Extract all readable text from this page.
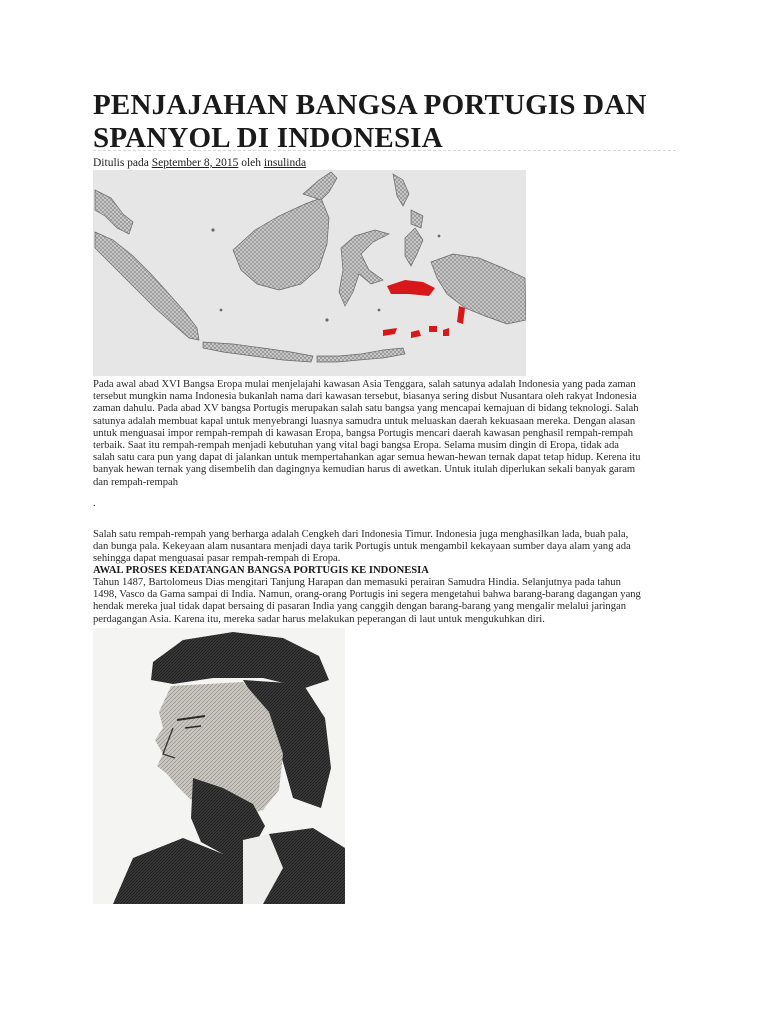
PENJAJAHAN BANGSA PORTUGIS DAN SPANYOL DI INDONESIA
Ditulis pada September 8, 2015 oleh insulinda

Pada awal abad XVI Bangsa Eropa mulai menjelajahi kawasan Asia Tenggara, salah satunya adalah Indonesia yang pada zaman tersebut mungkin nama Indonesia bukanlah nama dari kawasan tersebut, biasanya sering disbut Nusantara oleh rakyat Indonesia zaman dahulu. Pada abad XV bangsa Portugis merupakan salah satu bangsa yang mencapai kemajuan di bidang teknologi. Salah satunya adalah membuat kapal untuk menyebrangi luasnya samudra untuk meluaskan daerah kekuasaan mereka. Dengan alasan untuk menguasai impor rempah-rempah di kawasan Eropa, bangsa Portugis mencari daerah kawasan penghasil rempah-rempah terbaik. Saat itu rempah-rempah menjadi kebutuhan yang vital bagi bangsa Eropa. Selama musim dingin di Eropa, tidak ada salah satu cara pun yang dapat di jalankan untuk mempertahankan agar semua hewan-hewan ternak dapat tetap hidup. Kerena itu banyak hewan ternak yang disembelih dan dagingnya kemudian harus di awetkan. Untuk itulah diperlukan sekali banyak garam dan rempah-rempah

.

Salah satu rempah-rempah yang berharga adalah Cengkeh dari Indonesia Timur. Indonesia juga menghasilkan lada, buah pala, dan bunga pala. Kekeyaan alam nusantara menjadi daya tarik Portugis untuk mengambil kekayaan sumber daya alam yang ada sehingga dapat menguasai pasar rempah-rempah di Eropa.

AWAL PROSES KEDATANGAN BANGSA PORTUGIS KE INDONESIA

Tahun 1487, Bartolomeus Dias mengitari Tanjung Harapan dan memasuki perairan Samudra Hindia. Selanjutnya pada tahun 1498, Vasco da Gama sampai di India. Namun, orang-orang Portugis ini segera mengetahui bahwa barang-barang dagangan yang hendak mereka jual tidak dapat bersaing di pasaran India yang canggih dengan barang-barang yang mengalir melalui jaringan perdagangan Asia. Karena itu, mereka sadar harus melakukan peperangan di laut untuk mengukuhkan diri.
